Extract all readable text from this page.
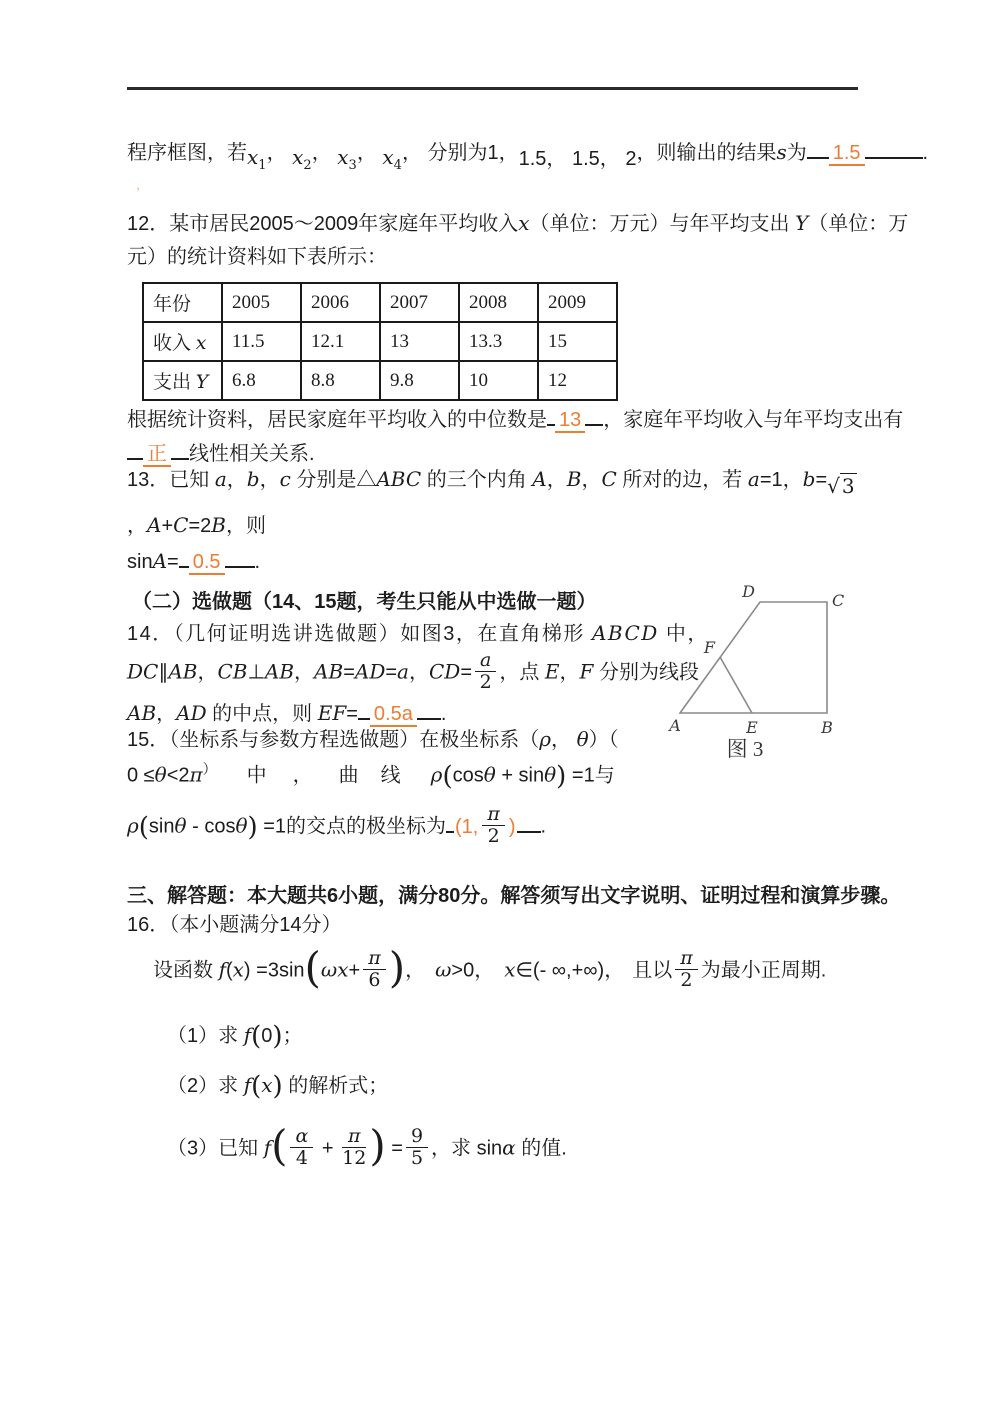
程序框图，若$x_1$， $x_2$， $x_3$， $x_4$， 分别为1，1.5， 1.5， 2，则输出的结果s为 1.5	.
，
12．某市居民2005～2009年家庭年平均收入x（单位：万元）与年平均支出 Y（单位：万
元）的统计资料如下表所示：
年份	2005	2006	2007	2008	2009
收入 x	11.5	12.1	13	13.3	15
支出 Y	6.8	8.8	9.8	10	12
根据统计资料，居民家庭年平均收入的中位数是 13 ，家庭年平均收入与年平均支出有
正 线性相关关系.
13．已知 a，b，c 分别是△ABC 的三个内角 A，B，C 所对的边，若 a=1，b=√ 3
，A+C=2B，则
sinA= 0.5 .
（二）选做题（14、15题，考生只能从中选做一题）
14．（几何证明选讲选做题）如图3，在直角梯形 ABCD 中，
DC∥AB，CB⊥AB，AB=AD=a，$CD= \frac{a}{2}$ ，点 E，F 分别为线段
AB，AD 的中点，则 EF= 0.5a .
D	C
F
A	E	B
图 3
15．（坐标系与参数方程选做题）在极坐标系（ρ， θ）（
0 ≤θ<2π） 中 ， 曲 线 ρ(cosθ + sinθ) =1与
ρ(sinθ - cosθ) =1的交点的极坐标为 (1, $\frac{\pi}{2}$ ) .
三、解答题：本大题共6小题，满分80分。解答须写出文字说明、证明过程和演算步骤。
16．（本小题满分14分）
设函数 $f(x) =3\sin(\omega x+ \frac{\pi}{6}$ )， ω>0， x∈(- ∞,+∞)， 且以 $\frac{\pi}{2}$ 为最小正周期.
（1）求 f(0)；
（2）求 f(x) 的解析式；
（3）已知 $f( \frac{\alpha}{4} + \frac{\pi}{12}$ ) = $\frac{9}{5}$ ，求 sinα 的值.
